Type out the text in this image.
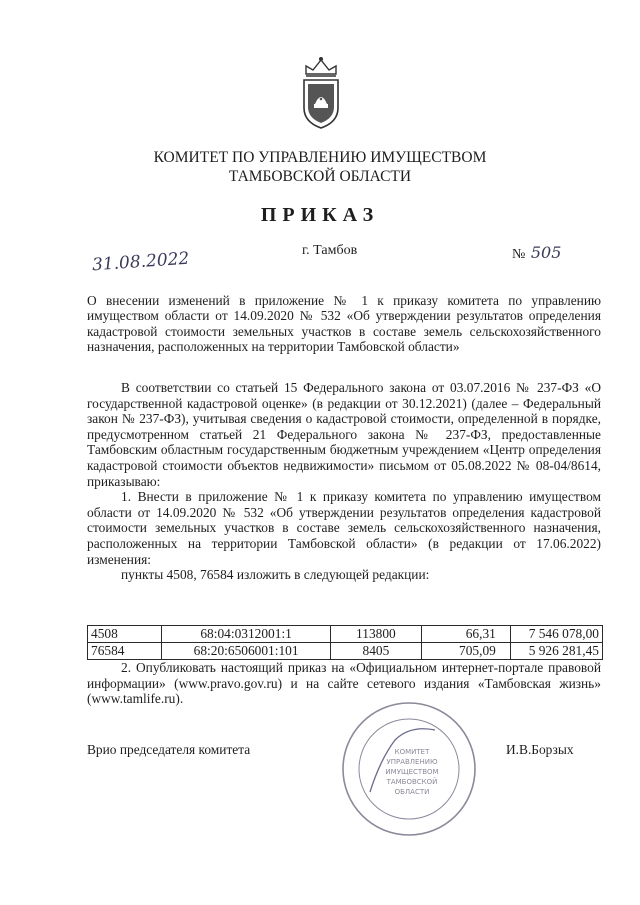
КОМИТЕТ ПО УПРАВЛЕНИЮ ИМУЩЕСТВОМ
ТАМБОВСКОЙ ОБЛАСТИ
ПРИКАЗ
31.08.2022	г. Тамбов	№ 505
О внесении изменений в приложение № 1 к приказу комитета по управлению имуществом области от 14.09.2020 № 532 «Об утверждении результатов определения кадастровой стоимости земельных участков в составе земель сельскохозяйственного назначения, расположенных на территории Тамбовской области»

В соответствии со статьей 15 Федерального закона от 03.07.2016 № 237-ФЗ «О государственной кадастровой оценке» (в редакции от 30.12.2021) (далее – Федеральный закон № 237-ФЗ), учитывая сведения о кадастровой стоимости, определенной в порядке, предусмотренном статьей 21 Федерального закона № 237-ФЗ, предоставленные Тамбовским областным государственным бюджетным учреждением «Центр определения кадастровой стоимости объектов недвижимости» письмом от 05.08.2022 № 08-04/8614, приказываю:

1. Внести в приложение № 1 к приказу комитета по управлению имуществом области от 14.09.2020 № 532 «Об утверждении результатов определения кадастровой стоимости земельных участков в составе земель сельскохозяйственного назначения, расположенных на территории Тамбовской области» (в редакции от 17.06.2022) изменения:

пункты 4508, 76584 изложить в следующей редакции:

4508	68:04:0312001:1	113800	66,31	7 546 078,00
76584	68:20:6506001:101	8405	705,09	5 926 281,45
2. Опубликовать настоящий приказ на «Официальном интернет-портале правовой информации» (www.pravo.gov.ru) и на сайте сетевого издания «Тамбовская жизнь» (www.tamlife.ru).
Врио председателя комитета	И.В.Борзых
КОМИТЕТ
УПРАВЛЕНИЮ
ИМУЩЕСТВОМ
ТАМБОВСКОЙ
ОБЛАСТИ
